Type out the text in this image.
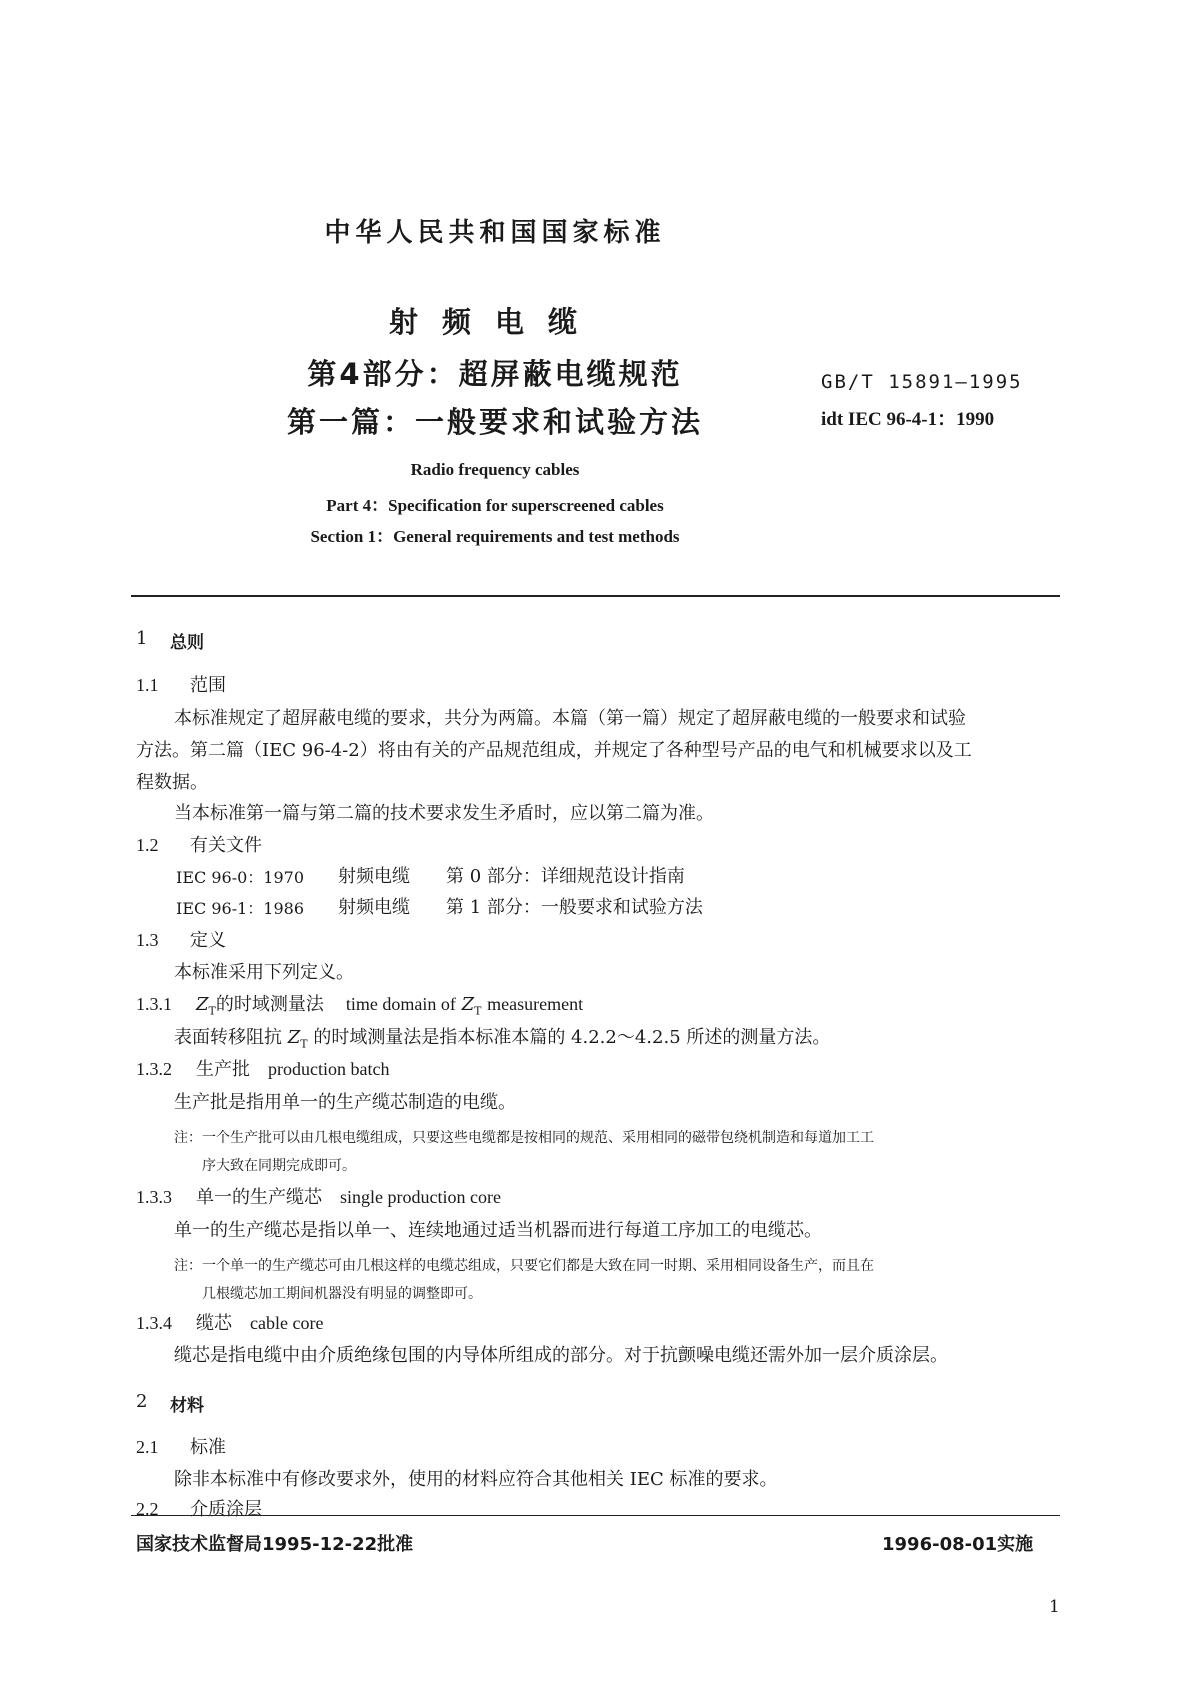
中华人民共和国国家标准
射频电缆
第4部分：超屏蔽电缆规范
第一篇：一般要求和试验方法
GB/T 15891—1995
idt IEC 96-4-1：1990
Radio frequency cables
Part 4：Specification for superscreened cables
Section 1：General requirements and test methods
1 总则
1.1 范围
本标准规定了超屏蔽电缆的要求，共分为两篇。本篇（第一篇）规定了超屏蔽电缆的一般要求和试验
方法。第二篇（IEC 96-4-2）将由有关的产品规范组成，并规定了各种型号产品的电气和机械要求以及工
程数据。
当本标准第一篇与第二篇的技术要求发生矛盾时，应以第二篇为准。
1.2 有关文件
IEC 96-0：1970 射频电缆 第 0 部分：详细规范设计指南
IEC 96-1：1986 射频电缆 第 1 部分：一般要求和试验方法
1.3 定义
本标准采用下列定义。
1.3.1 $Z_T$的时域测量法 time domain of $Z_T$ measurement
表面转移阻抗 $Z_T$ 的时域测量法是指本标准本篇的 4.2.2～4.2.5 所述的测量方法。
1.3.2 生产批 production batch
生产批是指用单一的生产缆芯制造的电缆。
注：一个生产批可以由几根电缆组成，只要这些电缆都是按相同的规范、采用相同的磁带包绕机制造和每道加工工
序大致在同期完成即可。
1.3.3 单一的生产缆芯 single production core
单一的生产缆芯是指以单一、连续地通过适当机器而进行每道工序加工的电缆芯。
注：一个单一的生产缆芯可由几根这样的电缆芯组成，只要它们都是大致在同一时期、采用相同设备生产，而且在
几根缆芯加工期间机器没有明显的调整即可。
1.3.4 缆芯 cable core
缆芯是指电缆中由介质绝缘包围的内导体所组成的部分。对于抗颤噪电缆还需外加一层介质涂层。
2 材料
2.1 标准
除非本标准中有修改要求外，使用的材料应符合其他相关 IEC 标准的要求。
2.2 介质涂层
国家技术监督局1995-12-22批准	1996-08-01实施
1
